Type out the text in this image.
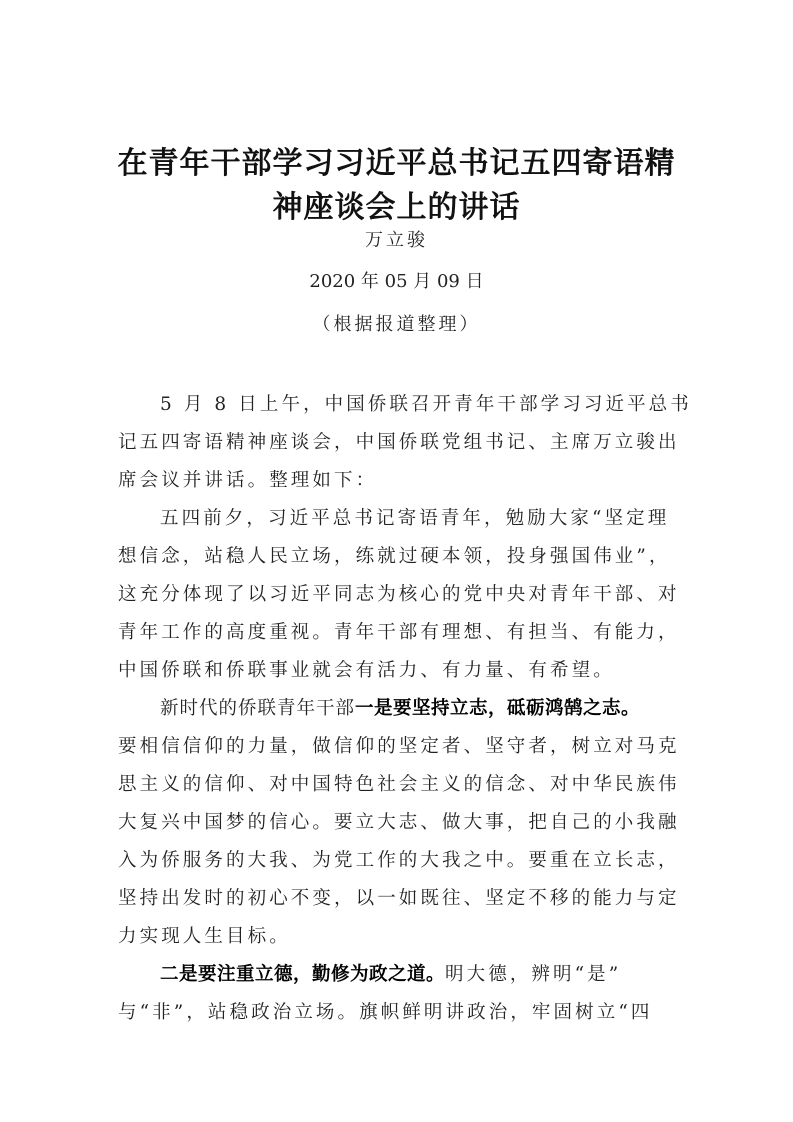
在青年干部学习习近平总书记五四寄语精
神座谈会上的讲话
万立骏
2020 年 05 月 09 日
（根据报道整理）
5 月 8 日上午，中国侨联召开青年干部学习习近平总书
记五四寄语精神座谈会，中国侨联党组书记、主席万立骏出
席会议并讲话。整理如下：
五四前夕，习近平总书记寄语青年，勉励大家“坚定理
想信念，站稳人民立场，练就过硬本领，投身强国伟业”，
这充分体现了以习近平同志为核心的党中央对青年干部、对
青年工作的高度重视。青年干部有理想、有担当、有能力，
中国侨联和侨联事业就会有活力、有力量、有希望。
新时代的侨联青年干部一是要坚持立志，砥砺鸿鹄之志。
要相信信仰的力量，做信仰的坚定者、坚守者，树立对马克
思主义的信仰、对中国特色社会主义的信念、对中华民族伟
大复兴中国梦的信心。要立大志、做大事，把自己的小我融
入为侨服务的大我、为党工作的大我之中。要重在立长志，
坚持出发时的初心不变，以一如既往、坚定不移的能力与定
力实现人生目标。
二是要注重立德，勤修为政之道。明大德，辨明“是”
与“非”，站稳政治立场。旗帜鲜明讲政治，牢固树立“四
